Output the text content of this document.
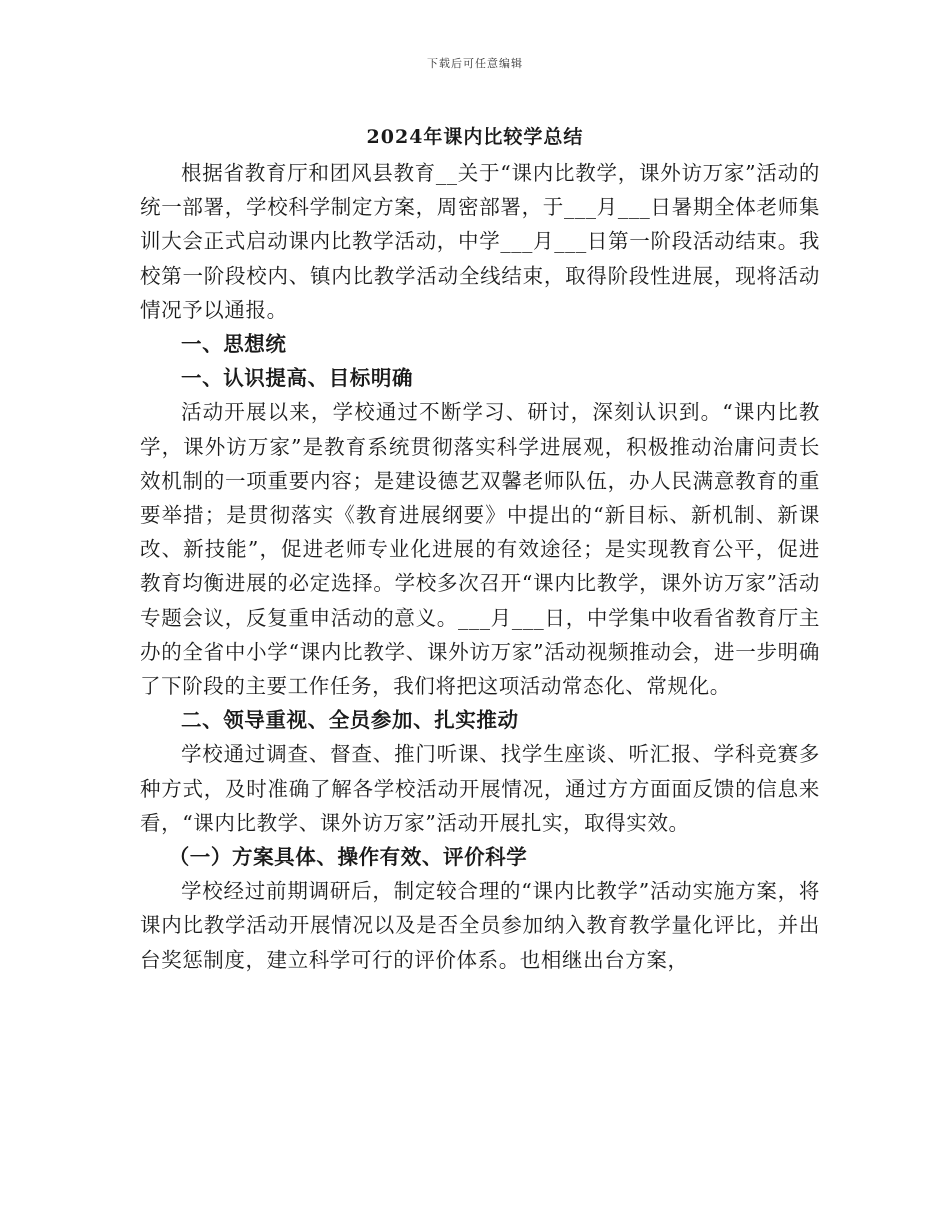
下载后可任意编辑
2024年课内比较学总结

根据省教育厅和团风县教育__关于“课内比教学，课外访万家”活动的统一部署，学校科学制定方案，周密部署，于___月___日暑期全体老师集训大会正式启动课内比教学活动，中学___月___日第一阶段活动结束。我校第一阶段校内、镇内比教学活动全线结束，取得阶段性进展，现将活动情况予以通报。

一、思想统

一、认识提高、目标明确

活动开展以来，学校通过不断学习、研讨，深刻认识到。“课内比教学，课外访万家”是教育系统贯彻落实科学进展观，积极推动治庸问责长效机制的一项重要内容；是建设德艺双馨老师队伍，办人民满意教育的重要举措；是贯彻落实《教育进展纲要》中提出的“新目标、新机制、新课改、新技能”，促进老师专业化进展的有效途径；是实现教育公平，促进教育均衡进展的必定选择。学校多次召开“课内比教学，课外访万家”活动专题会议，反复重申活动的意义。___月___日，中学集中收看省教育厅主办的全省中小学“课内比教学、课外访万家”活动视频推动会，进一步明确了下阶段的主要工作任务，我们将把这项活动常态化、常规化。

二、领导重视、全员参加、扎实推动

学校通过调查、督查、推门听课、找学生座谈、听汇报、学科竞赛多种方式，及时准确了解各学校活动开展情况，通过方方面面反馈的信息来看，“课内比教学、课外访万家”活动开展扎实，取得实效。

（一）方案具体、操作有效、评价科学

学校经过前期调研后，制定较合理的“课内比教学”活动实施方案，将课内比教学活动开展情况以及是否全员参加纳入教育教学量化评比，并出台奖惩制度，建立科学可行的评价体系。也相继出台方案，
